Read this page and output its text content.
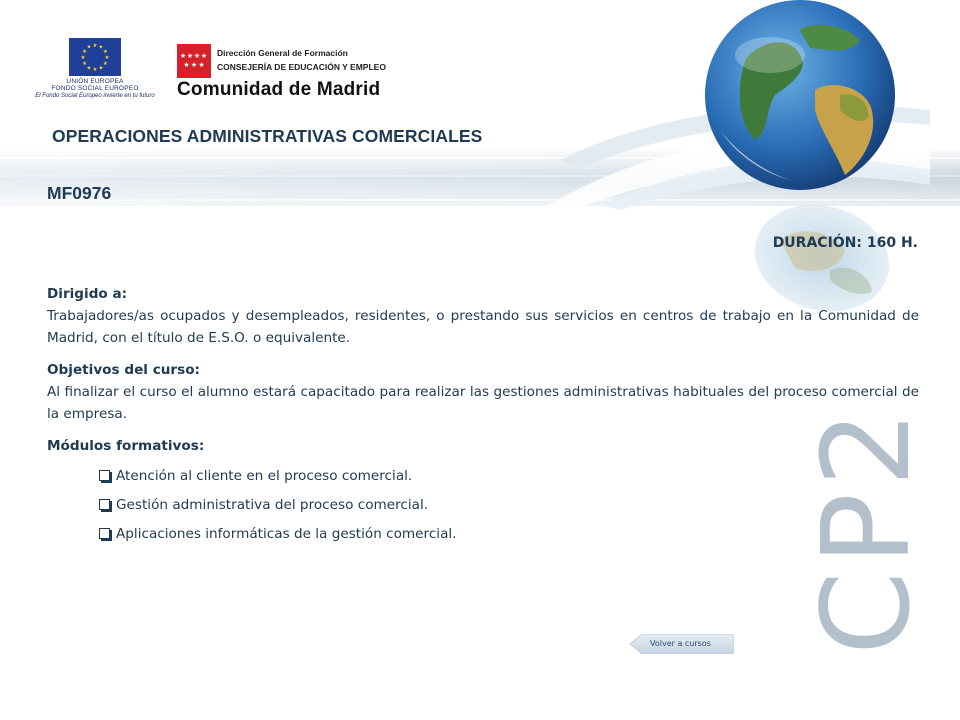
★
★
★
★
★
★
★
★
★ ★ ★
★
UNIÓN EUROPEA
FONDO SOCIAL EUROPEO
El Fondo Social Europeo invierte en tu futuro
★ ★ ★ ★
★ ★ ★
Dirección General de Formación
CONSEJERÍA DE EDUCACIÓN Y EMPLEO
Comunidad de Madrid
OPERACIONES ADMINISTRATIVAS COMERCIALES
MF0976
DURACIÓN: 160 H.
Dirigido a:
Trabajadores/as ocupados y desempleados, residentes, o prestando sus servicios en centros de trabajo en la Comunidad de Madrid, con el título de E.S.O. o equivalente.
Objetivos del curso:
Al finalizar el curso el alumno estará capacitado para realizar las gestiones administrativas habituales del proceso comercial de la empresa.
Módulos formativos:
Atención al cliente en el proceso comercial.
Gestión administrativa del proceso comercial.
Aplicaciones informáticas de la gestión comercial.	CP2
Volver a cursos
